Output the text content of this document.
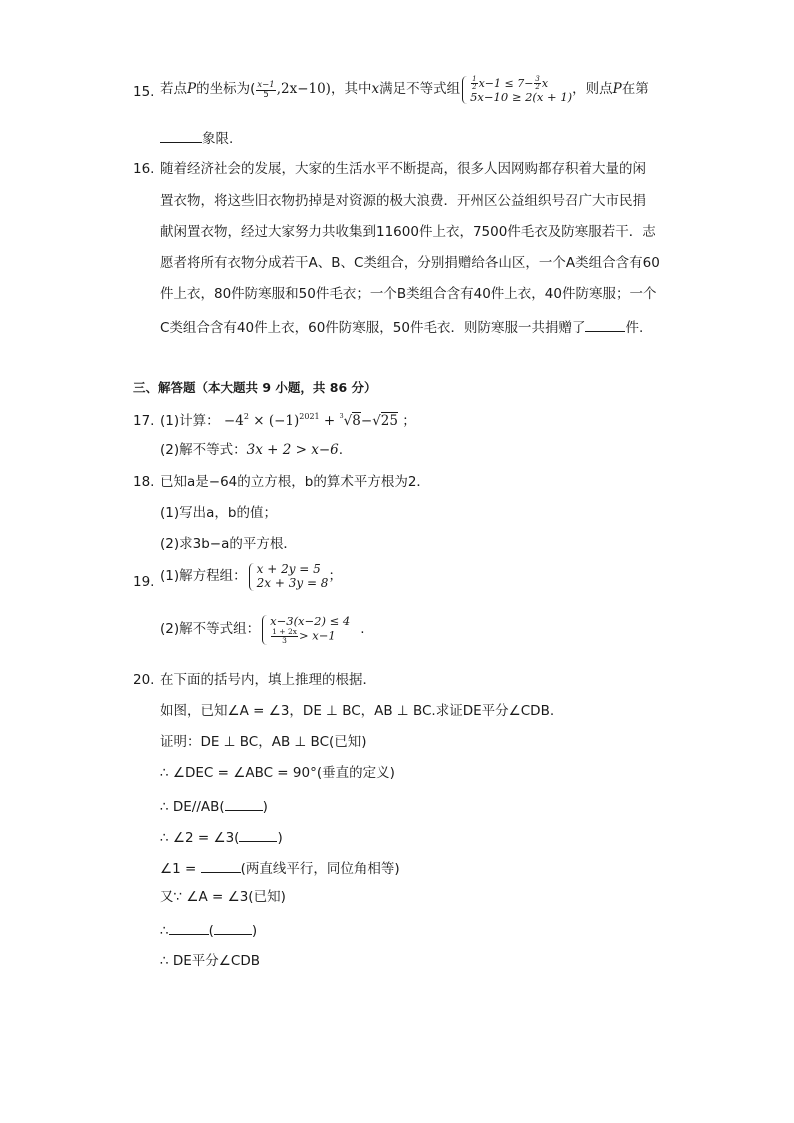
15. 若点 P 的坐标为( $\frac{x-1}{5} ,2x-10$)，其中 x 满足不等式组 $\frac{1}{2} x-1 \le 7- \frac{3}{2}$ x
5x−10 ≥ 2(x + 1) ，则点 P 在第
象限.
16. 随着经济社会的发展，大家的生活水平不断提高，很多人因网购都存积着大量的闲
置衣物，将这些旧衣物扔掉是对资源的极大浪费．开州区公益组织号召广大市民捐
献闲置衣物，经过大家努力共收集到11600件上衣，7500件毛衣及防寒服若干．志
愿者将所有衣物分成若干A、B、C类组合，分别捐赠给各山区，一个A类组合含有60
件上衣，80件防寒服和50件毛衣；一个B类组合含有40件上衣，40件防寒服；一个
C类组合含有40件上衣，60件防寒服，50件毛衣．则防寒服一共捐赠了	件.
三、解答题（本大题共 9 小题，共 86 分）
17. (1)计算： $-4^2 \times (-1)^{2021} + ^3√8-√25$ ；
(2)解不等式：3x + 2 > x−6.
18. 已知a是−64的立方根，b的算术平方根为2．
(1)写出a，b的值；
(2)求3b−a的平方根．
19. (1)解方程组： x + 2y = 5
2x + 3y = 8 ；
(2)解不等式组：
x−3(x−2) ≤ 4
$\frac{1 + 2x}{3} > x-1$	.
20. 在下面的括号内，填上推理的根据．
如图，已知∠A = ∠3，DE ⊥ BC，AB ⊥ BC.求证DE平分∠CDB.
证明：DE ⊥ BC，AB ⊥ BC(已知)
∴ ∠DEC = ∠ABC = 90°(垂直的定义)
∴ DE//AB(	)
∴ ∠2 = ∠3(	)
∠1 =	(两直线平行，同位角相等)
又∵ ∠A = ∠3(已知)
∴	(	)
∴ DE平分∠CDB
